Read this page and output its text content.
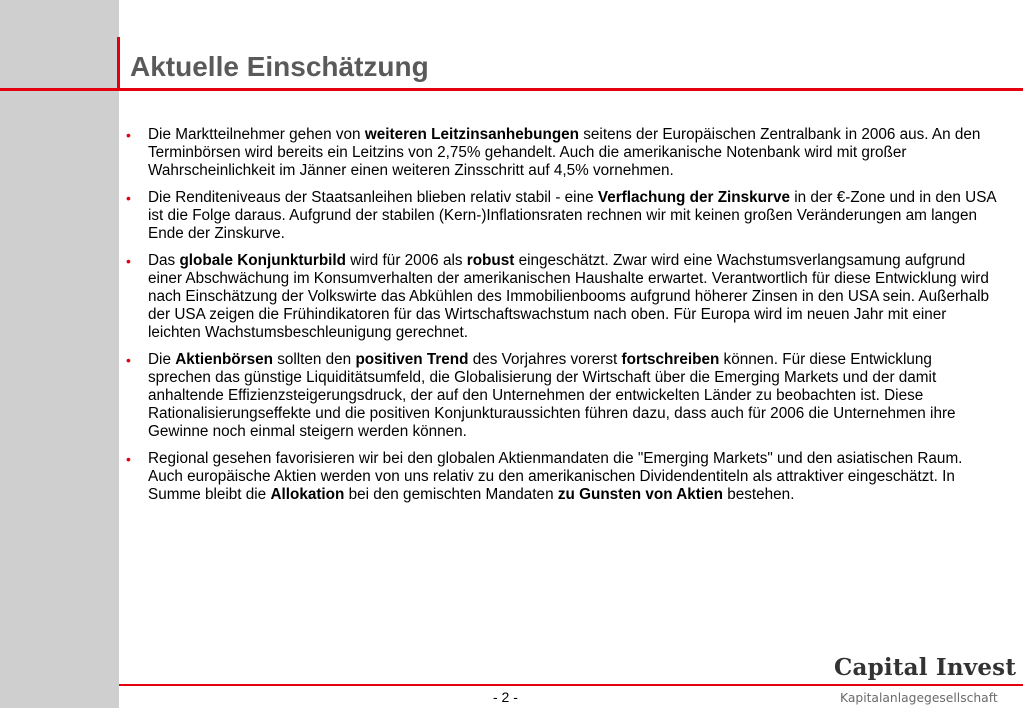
Aktuelle Einschätzung
• Die Marktteilnehmer gehen von weiteren Leitzinsanhebungen seitens der Europäischen Zentralbank in 2006 aus. An den Terminbörsen wird bereits ein Leitzins von 2,75% gehandelt. Auch die amerikanische Notenbank wird mit großer Wahrscheinlichkeit im Jänner einen weiteren Zinsschritt auf 4,5% vornehmen.
• Die Renditeniveaus der Staatsanleihen blieben relativ stabil - eine Verflachung der Zinskurve in der €-Zone und in den USA ist die Folge daraus. Aufgrund der stabilen (Kern-)Inflationsraten rechnen wir mit keinen großen Veränderungen am langen Ende der Zinskurve.
• Das globale Konjunkturbild wird für 2006 als robust eingeschätzt. Zwar wird eine Wachstumsverlangsamung aufgrund einer Abschwächung im Konsumverhalten der amerikanischen Haushalte erwartet. Verantwortlich für diese Entwicklung wird nach Einschätzung der Volkswirte das Abkühlen des Immobilienbooms aufgrund höherer Zinsen in den USA sein. Außerhalb der USA zeigen die Frühindikatoren für das Wirtschaftswachstum nach oben. Für Europa wird im neuen Jahr mit einer leichten Wachstumsbeschleunigung gerechnet.
• Die Aktienbörsen sollten den positiven Trend des Vorjahres vorerst fortschreiben können. Für diese Entwicklung sprechen das günstige Liquiditätsumfeld, die Globalisierung der Wirtschaft über die Emerging Markets und der damit anhaltende Effizienzsteigerungsdruck, der auf den Unternehmen der entwickelten Länder zu beobachten ist. Diese Rationalisierungseffekte und die positiven Konjunkturaussichten führen dazu, dass auch für 2006 die Unternehmen ihre Gewinne noch einmal steigern werden können.
• Regional gesehen favorisieren wir bei den globalen Aktienmandaten die "Emerging Markets" und den asiatischen Raum. Auch europäische Aktien werden von uns relativ zu den amerikanischen Dividendentiteln als attraktiver eingeschätzt. In Summe bleibt die Allokation bei den gemischten Mandaten zu Gunsten von Aktien bestehen.
- 2 -
Capital Invest
Kapitalanlagegesellschaft
